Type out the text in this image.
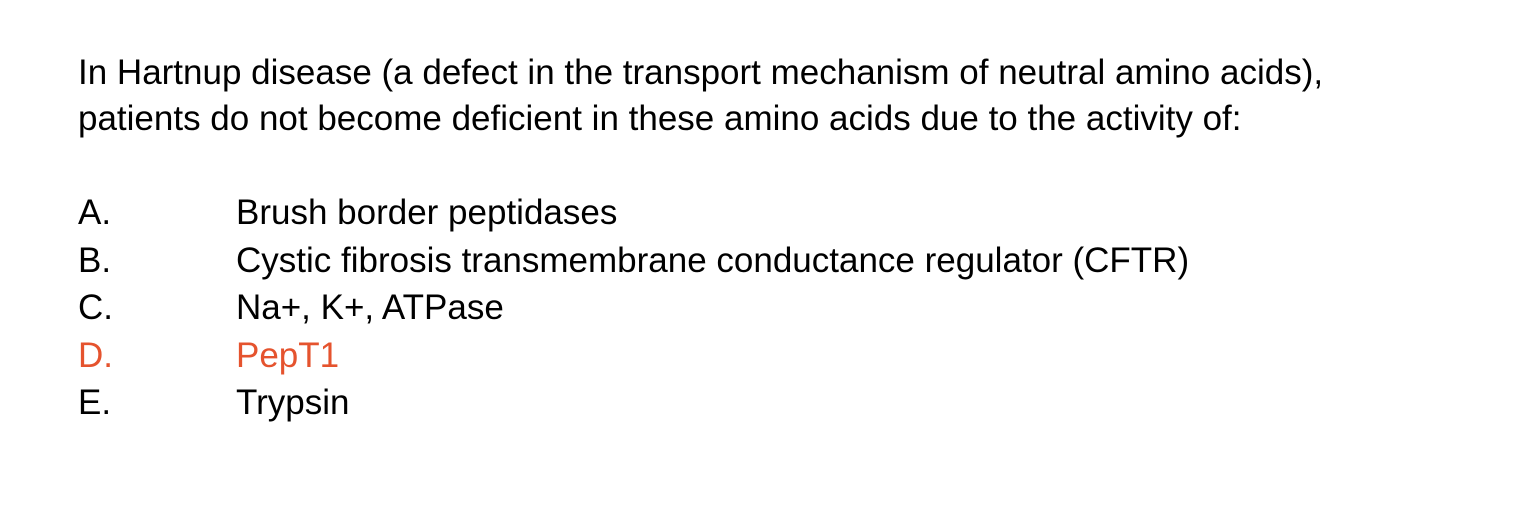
In Hartnup disease (a defect in the transport mechanism of neutral amino acids),
patients do not become deficient in these amino acids due to the activity of:

A.	Brush border peptidases
B.	Cystic fibrosis transmembrane conductance regulator (CFTR)
C.	Na+, K+, ATPase
D.	PepT1
E.	Trypsin
